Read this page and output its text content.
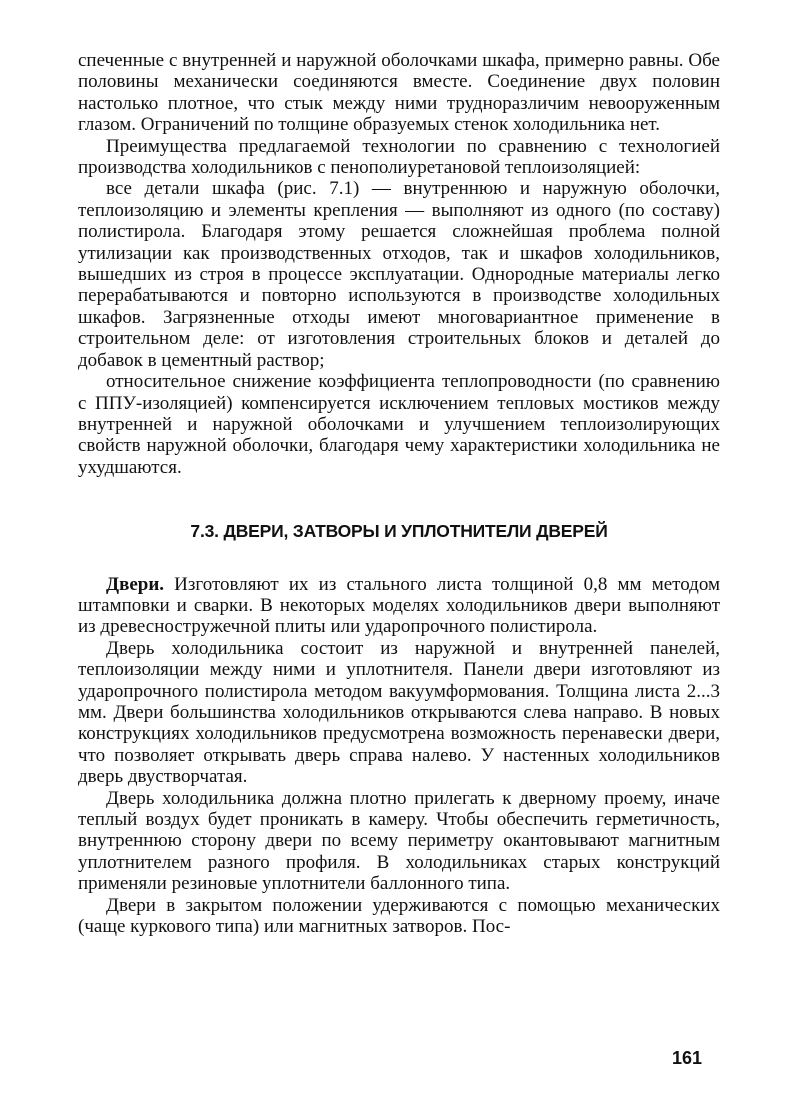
спеченные с внутренней и наружной оболочками шкафа, примерно равны. Обе половины механически соединяются вместе. Соединение двух половин настолько плотное, что стык между ними трудноразличим невооруженным глазом. Ограничений по толщине образуемых стенок холодильника нет.

Преимущества предлагаемой технологии по сравнению с технологией производства холодильников с пенополиуретановой теплоизоляцией:

все детали шкафа (рис. 7.1) — внутреннюю и наружную оболочки, теплоизоляцию и элементы крепления — выполняют из одного (по составу) полистирола. Благодаря этому решается сложнейшая проблема полной утилизации как производственных отходов, так и шкафов холодильников, вышедших из строя в процессе эксплуатации. Однородные материалы легко перерабатываются и повторно используются в производстве холодильных шкафов. Загрязненные отходы имеют многовариантное применение в строительном деле: от изготовления строительных блоков и деталей до добавок в цементный раствор;

относительное снижение коэффициента теплопроводности (по сравнению с ППУ-изоляцией) компенсируется исключением тепловых мостиков между внутренней и наружной оболочками и улучшением теплоизолирующих свойств наружной оболочки, благодаря чему характеристики холодильника не ухудшаются.

7.3. ДВЕРИ, ЗАТВОРЫ И УПЛОТНИТЕЛИ ДВЕРЕЙ

Двери. Изготовляют их из стального листа толщиной 0,8 мм методом штамповки и сварки. В некоторых моделях холодильников двери выполняют из древесностружечной плиты или ударопрочного полистирола.

Дверь холодильника состоит из наружной и внутренней панелей, теплоизоляции между ними и уплотнителя. Панели двери изготовляют из ударопрочного полистирола методом вакуумформования. Толщина листа 2...3 мм. Двери большинства холодильников открываются слева направо. В новых конструкциях холодильников предусмотрена возможность перенавески двери, что позволяет открывать дверь справа налево. У настенных холодильников дверь двустворчатая.

Дверь холодильника должна плотно прилегать к дверному проему, иначе теплый воздух будет проникать в камеру. Чтобы обеспечить герметичность, внутреннюю сторону двери по всему периметру окантовывают магнитным уплотнителем разного профиля. В холодильниках старых конструкций применяли резиновые уплотнители баллонного типа.

Двери в закрытом положении удерживаются с помощью механических (чаще куркового типа) или магнитных затворов. Пос-

161
